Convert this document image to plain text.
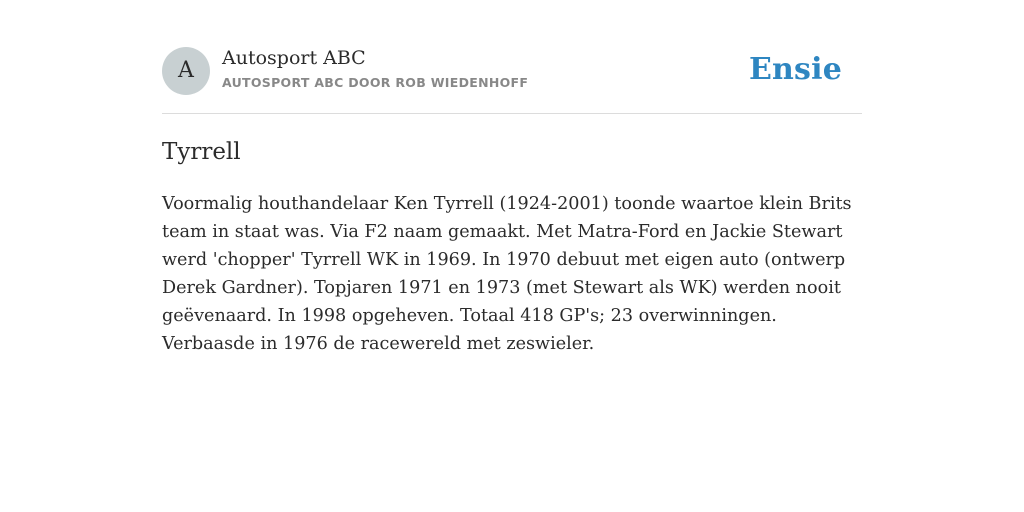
A	Autosport ABC
AUTOSPORT ABC DOOR ROB WIEDENHOFF	Ensie
Tyrrell

Voormalig houthandelaar Ken Tyrrell (1924-2001) toonde waartoe klein Brits team in staat was. Via F2 naam gemaakt. Met Matra-Ford en Jackie Stewart werd 'chopper' Tyrrell WK in 1969. In 1970 debuut met eigen auto (ontwerp Derek Gardner). Topjaren 1971 en 1973 (met Stewart als WK) werden nooit geëvenaard. In 1998 opgeheven. Totaal 418 GP's; 23 overwinningen. Verbaasde in 1976 de racewereld met zeswieler.
